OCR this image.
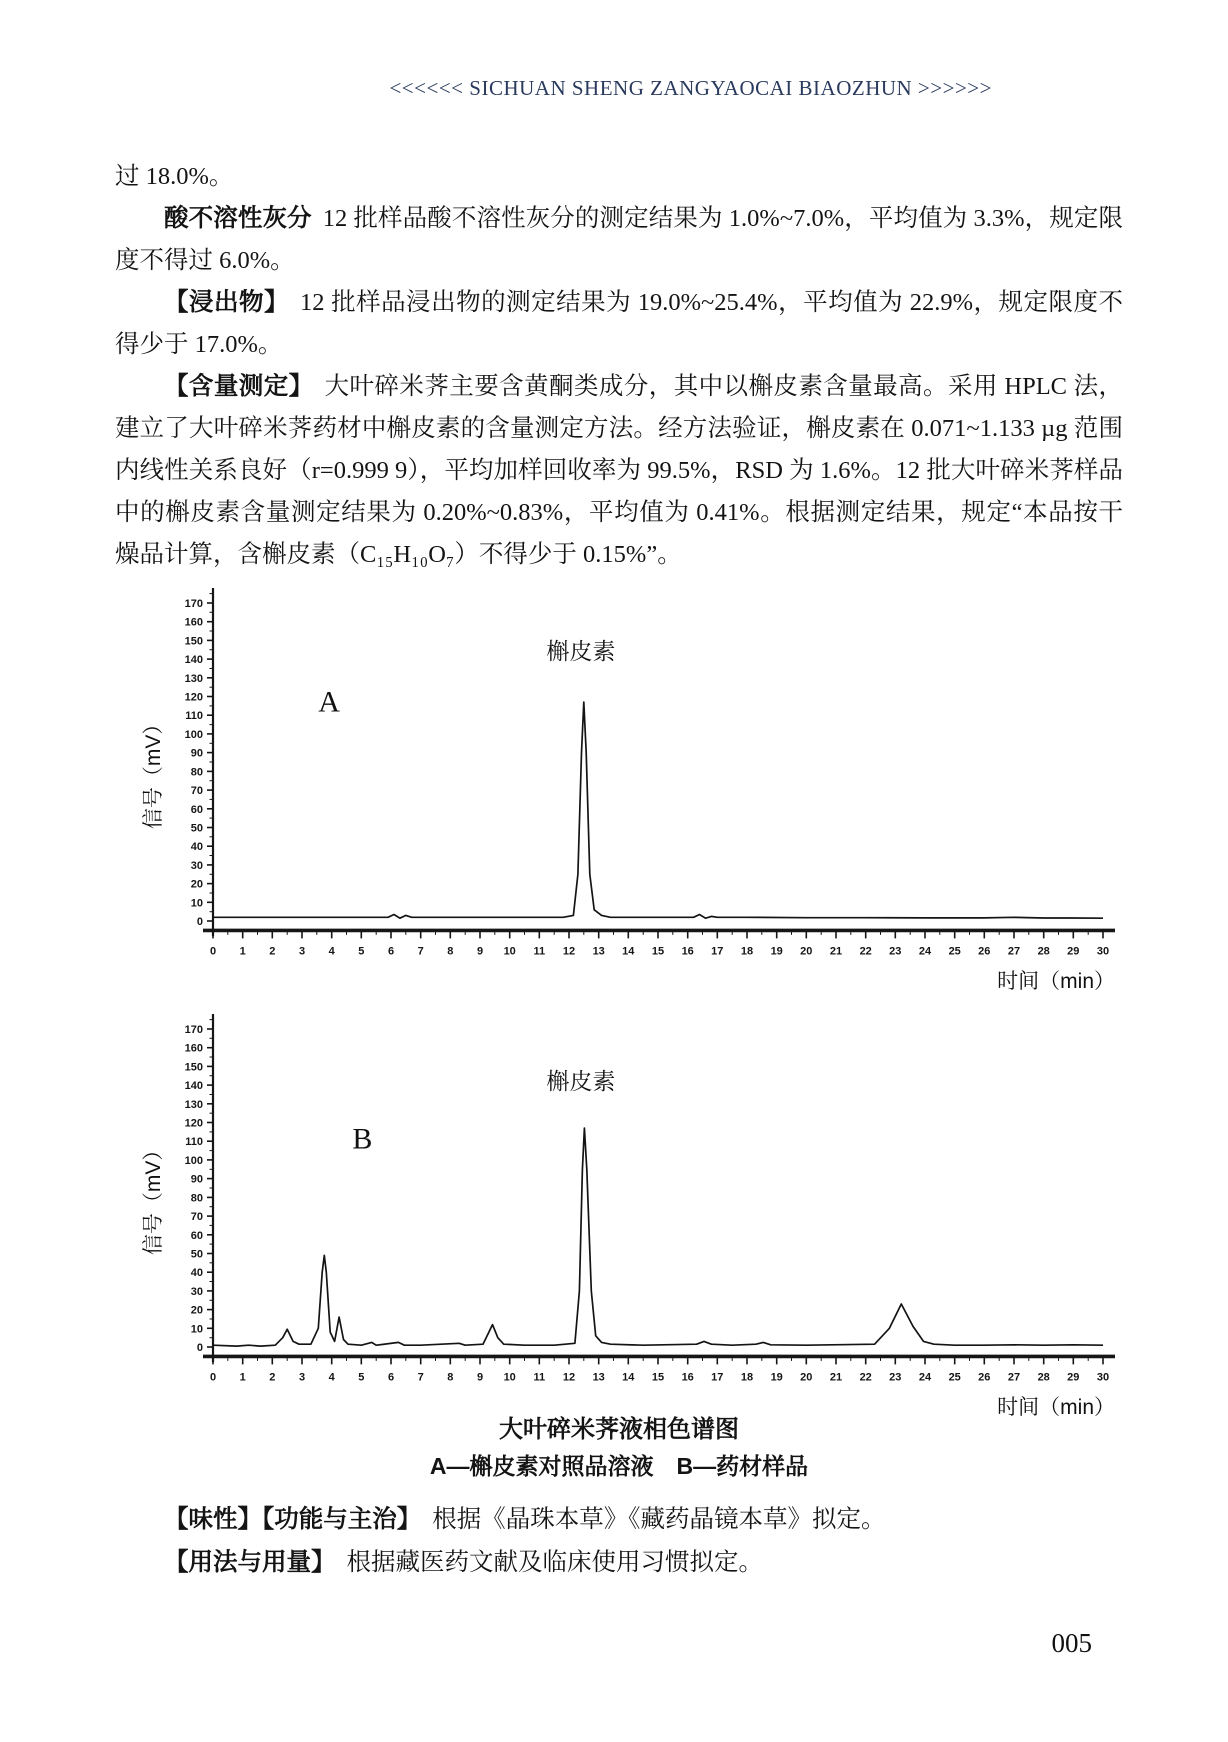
<<<<<< SICHUAN SHENG ZANGYAOCAI BIAOZHUN >>>>>>

过 18.0%。

酸不溶性灰分 12 批样品酸不溶性灰分的测定结果为 1.0%~7.0%，平均值为 3.3%，规定限度不得过 6.0%。

【浸出物】 12 批样品浸出物的测定结果为 19.0%~25.4%，平均值为 22.9%，规定限度不得少于 17.0%。

【含量测定】 大叶碎米荠主要含黄酮类成分，其中以槲皮素含量最高。采用 HPLC 法，建立了大叶碎米荠药材中槲皮素的含量测定方法。经方法验证，槲皮素在 0.071~1.133 µg 范围内线性关系良好（r=0.999 9），平均加样回收率为 99.5%，RSD 为 1.6%。12 批大叶碎米荠样品中的槲皮素含量测定结果为 0.20%~0.83%，平均值为 0.41%。根据测定结果，规定“本品按干燥品计算，含槲皮素（C₁₅H₁₀O₇）不得少于 0.15%”。

0
10
20
30
40
50
60
70
80
90
100
110
120
130
140
150
160
170
0 1 2 3 4 5 6 7 8 9 10 11 12 13 14 15 16 17 18 19 20 21 22 23 24 25 26 27 28 29 30
信号（mV）
时间（min）
A
槲皮素
0
10
20
30
40
50
60
70
80
90
100
110
120
130
140
150
160
170
0 1 2 3 4 5 6 7 8 9 10 11 12 13 14 15 16 17 18 19 20 21 22 23 24 25 26 27 28 29 30
信号（mV）
时间（min）
B
槲皮素

大叶碎米荠液相色谱图

A—槲皮素对照品溶液　B—药材样品

【味性】【功能与主治】 根据《晶珠本草》《藏药晶镜本草》拟定。

【用法与用量】 根据藏医药文献及临床使用习惯拟定。

005
